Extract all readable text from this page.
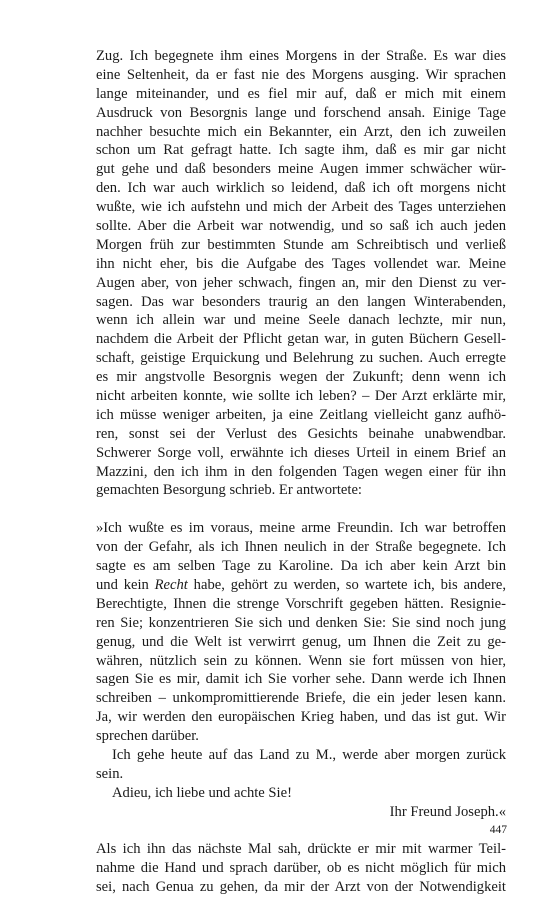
Zug. Ich begegnete ihm eines Morgens in der Straße. Es war dies
eine Seltenheit, da er fast nie des Morgens ausging. Wir sprachen
lange miteinander, und es fiel mir auf, daß er mich mit einem
Ausdruck von Besorgnis lange und forschend ansah. Einige Tage
nachher besuchte mich ein Bekannter, ein Arzt, den ich zuweilen
schon um Rat gefragt hatte. Ich sagte ihm, daß es mir gar nicht
gut gehe und daß besonders meine Augen immer schwächer wür-
den. Ich war auch wirklich so leidend, daß ich oft morgens nicht
wußte, wie ich aufstehn und mich der Arbeit des Tages unterziehen
sollte. Aber die Arbeit war notwendig, und so saß ich auch jeden
Morgen früh zur bestimmten Stunde am Schreibtisch und verließ
ihn nicht eher, bis die Aufgabe des Tages vollendet war. Meine
Augen aber, von jeher schwach, fingen an, mir den Dienst zu ver-
sagen. Das war besonders traurig an den langen Winterabenden,
wenn ich allein war und meine Seele danach lechzte, mir nun,
nachdem die Arbeit der Pflicht getan war, in guten Büchern Gesell-
schaft, geistige Erquickung und Belehrung zu suchen. Auch erregte
es mir angstvolle Besorgnis wegen der Zukunft; denn wenn ich
nicht arbeiten konnte, wie sollte ich leben? – Der Arzt erklärte mir,
ich müsse weniger arbeiten, ja eine Zeitlang vielleicht ganz aufhö-
ren, sonst sei der Verlust des Gesichts beinahe unabwendbar.
Schwerer Sorge voll, erwähnte ich dieses Urteil in einem Brief an
Mazzini, den ich ihm in den folgenden Tagen wegen einer für ihn
gemachten Besorgung schrieb. Er antwortete:
»Ich wußte es im voraus, meine arme Freundin. Ich war betroffen
von der Gefahr, als ich Ihnen neulich in der Straße begegnete. Ich
sagte es am selben Tage zu Karoline. Da ich aber kein Arzt bin
und kein Recht habe, gehört zu werden, so wartete ich, bis andere,
Berechtigte, Ihnen die strenge Vorschrift gegeben hätten. Resignie-
ren Sie; konzentrieren Sie sich und denken Sie: Sie sind noch jung
genug, und die Welt ist verwirrt genug, um Ihnen die Zeit zu ge-
währen, nützlich sein zu können. Wenn sie fort müssen von hier,
sagen Sie es mir, damit ich Sie vorher sehe. Dann werde ich Ihnen
schreiben – unkompromittierende Briefe, die ein jeder lesen kann.
Ja, wir werden den europäischen Krieg haben, und das ist gut. Wir
sprechen darüber.
Ich gehe heute auf das Land zu M., werde aber morgen zurück
sein.
Adieu, ich liebe und achte Sie!
Ihr Freund Joseph.«
Als ich ihn das nächste Mal sah, drückte er mir mit warmer Teil-
nahme die Hand und sprach darüber, ob es nicht möglich für mich
sei, nach Genua zu gehen, da mir der Arzt von der Notwendigkeit
447
